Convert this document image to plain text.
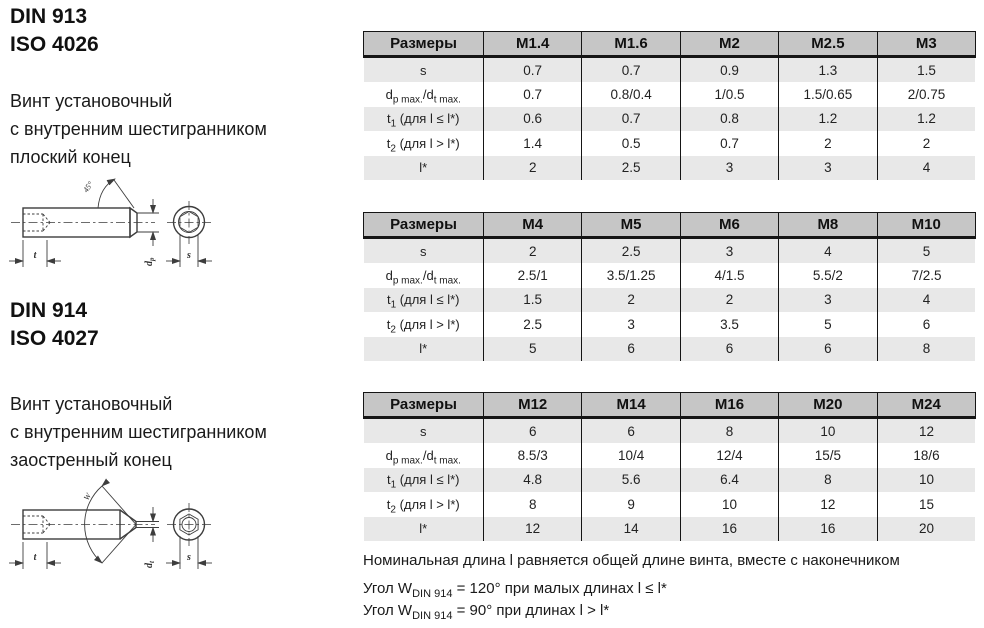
DIN 913
ISO 4026
Винт установочный
с внутренним шестигранником
плоский конец
45°
t
$d_p$	s
DIN 914
ISO 4027
Винт установочный
с внутренним шестигранником
заостренный конец
W
t
$d_t$	s
Размеры	M1.4	M1.6	M2	M2.5	M3
s	0.7	0.7	0.9	1.3	1.5
$d_{p max.}/d_{t max.}$	0.7	0.8/0.4	1/0.5	1.5/0.65	2/0.75
$t_1$ (для l ≤ l*)	0.6	0.7	0.8	1.2	1.2
$t_2$ (для l > l*)	1.4	0.5	0.7	2	2
l*	2	2.5	3	3	4
Размеры	M4	M5	M6	M8	M10
s	2	2.5	3	4	5
$d_{p max.}/d_{t max.}$	2.5/1	3.5/1.25	4/1.5	5.5/2	7/2.5
$t_1$ (для l ≤ l*)	1.5	2	2	3	4
$t_2$ (для l > l*)	2.5	3	3.5	5	6
l*	5	6	6	6	8
Размеры	M12	M14	M16	M20	M24
s	6	6	8	10	12
$d_{p max.}/d_{t max.}$	8.5/3	10/4	12/4	15/5	18/6
$t_1$ (для l ≤ l*)	4.8	5.6	6.4	8	10
$t_2$ (для l > l*)	8	9	10	12	15
l*	12	14	16	16	20
Номинальная длина l равняется общей длине винта, вместе с наконечником
Угол $W_{DIN 914} = 120^\circ$ при малых длинах l ≤ l*
Угол $W_{DIN 914} = 90^\circ$ при длинах l > l*
